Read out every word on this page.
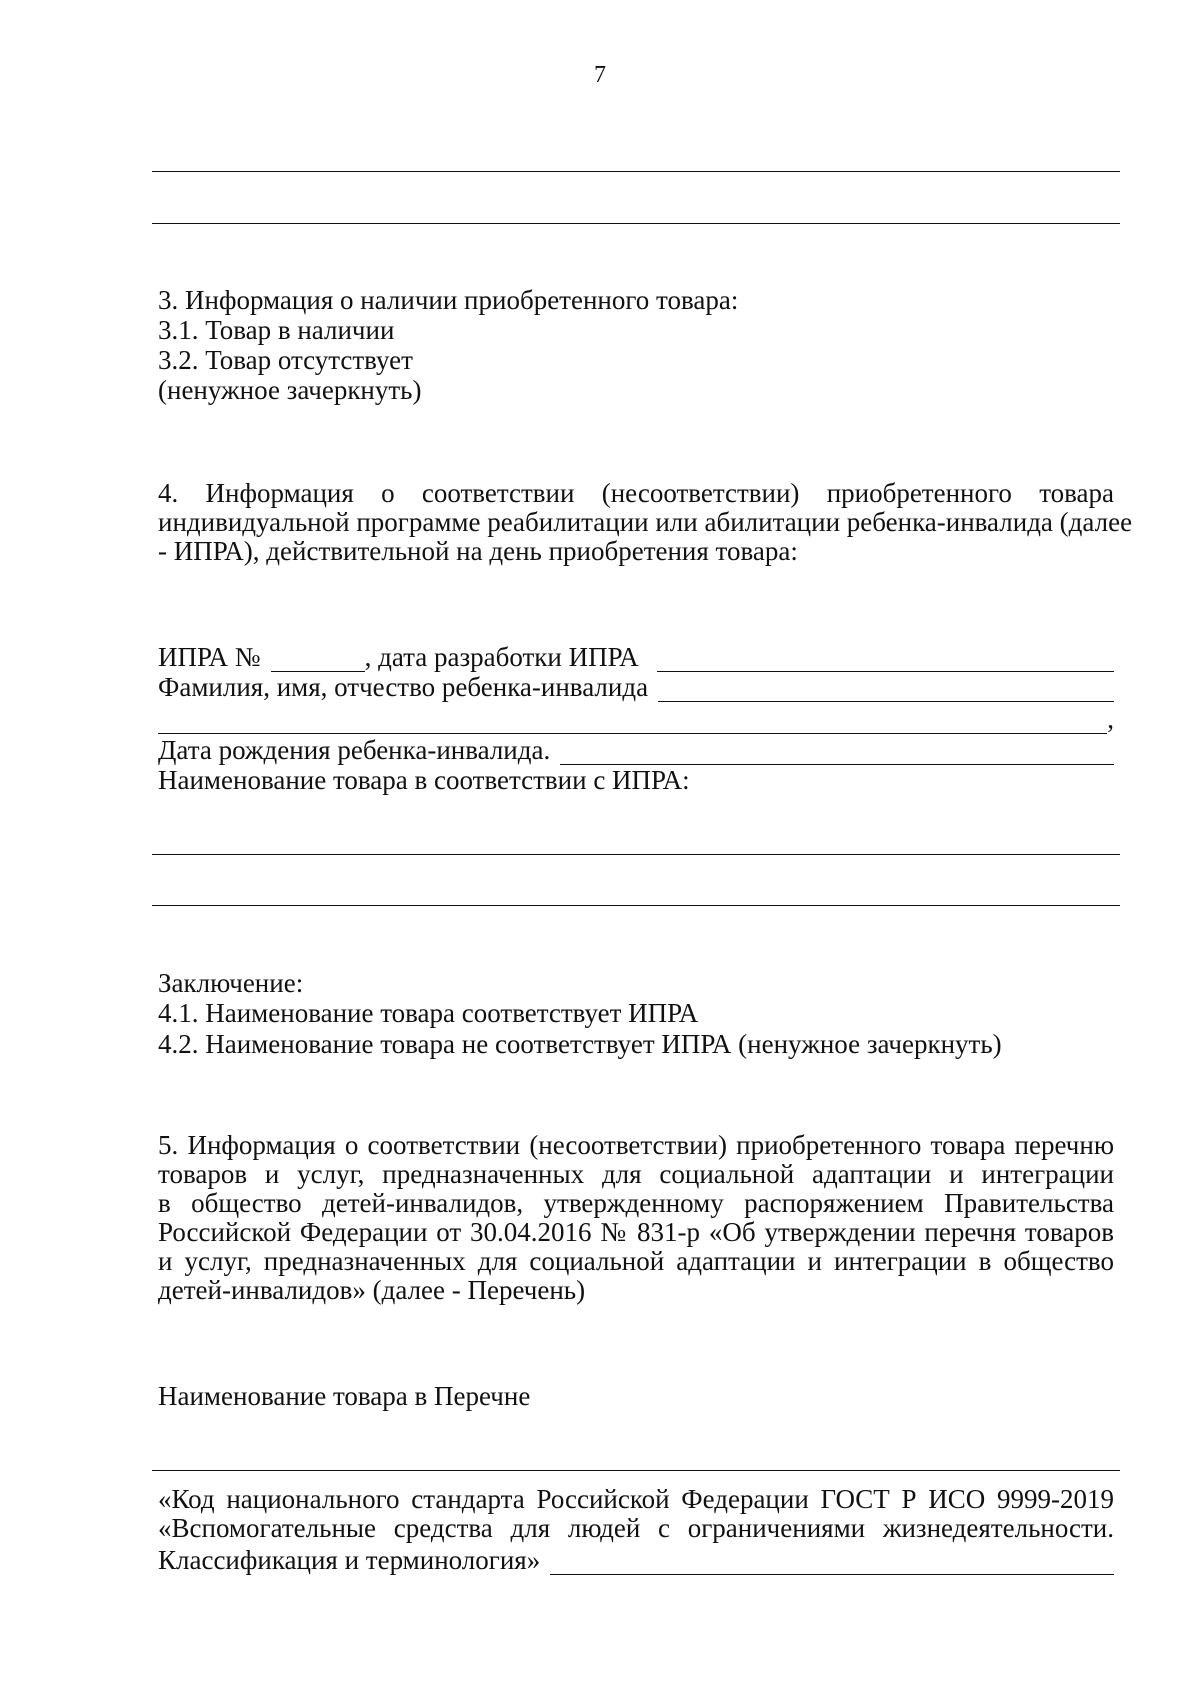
7
3. Информация о наличии приобретенного товара:
3.1. Товар в наличии
3.2. Товар отсутствует
(ненужное зачеркнуть)
4. Информация о соответствии (несоответствии) приобретенного товара
индивидуальной программе реабилитации или абилитации ребенка-инвалида (далее
- ИПРА), действительной на день приобретения товара:
ИПРА №	, дата разработки ИПРА
Фамилия, имя, отчество ребенка-инвалида
,
Дата рождения ребенка-инвалида.
Наименование товара в соответствии с ИПРА:
Заключение:
4.1. Наименование товара соответствует ИПРА
4.2. Наименование товара не соответствует ИПРА (ненужное зачеркнуть)
5. Информация о соответствии (несоответствии) приобретенного товара перечню
товаров и услуг, предназначенных для социальной адаптации и интеграции
в общество детей-инвалидов, утвержденному распоряжением Правительства
Российской Федерации от 30.04.2016 № 831-р «Об утверждении перечня товаров
и услуг, предназначенных для социальной адаптации и интеграции в общество
детей-инвалидов» (далее - Перечень)
Наименование товара в Перечне
«Код национального стандарта Российской Федерации ГОСТ Р ИСО 9999-2019
«Вспомогательные средства для людей с ограничениями жизнедеятельности.
Классификация и терминология»
